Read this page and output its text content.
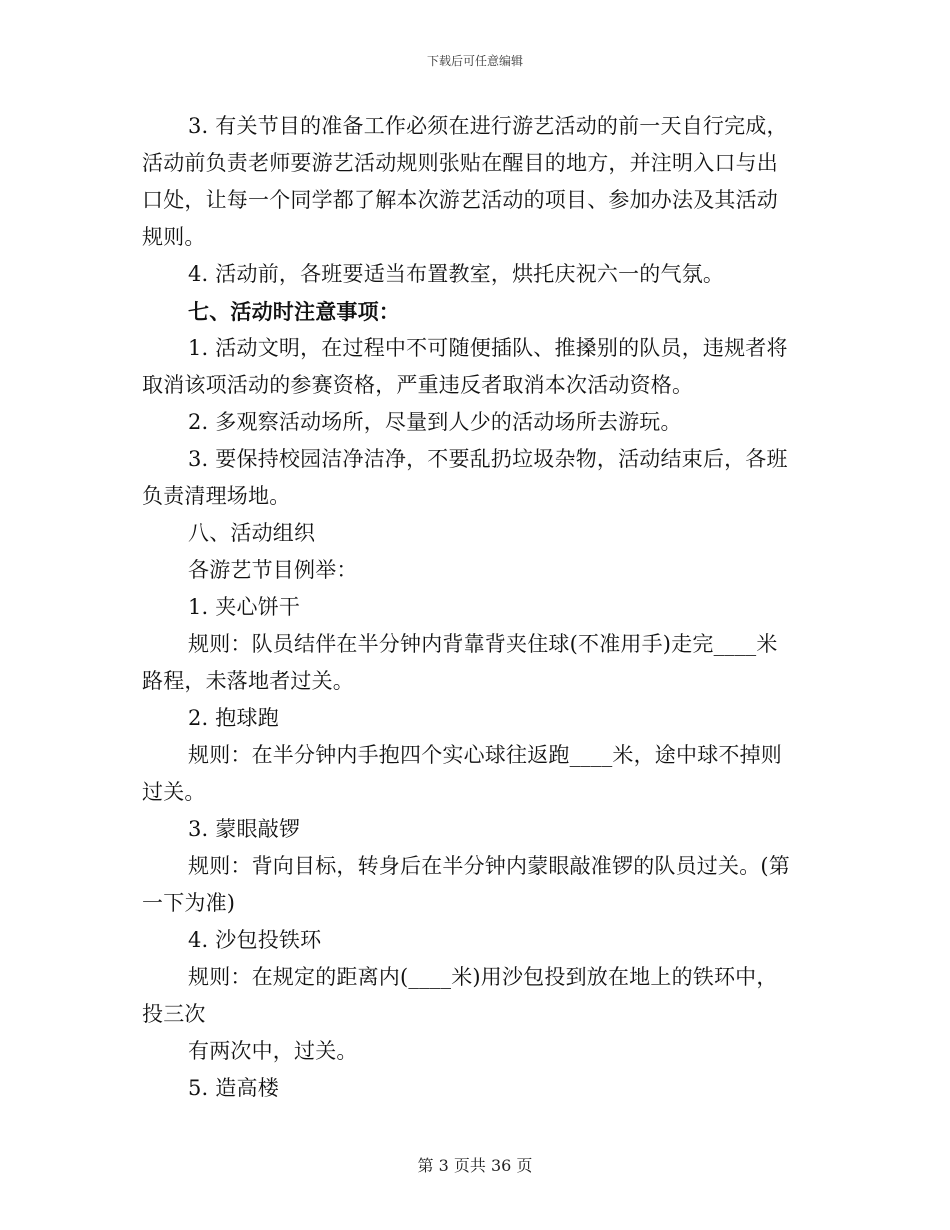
下载后可任意编辑

3. 有关节目的准备工作必须在进行游艺活动的前一天自行完成，

活动前负责老师要游艺活动规则张贴在醒目的地方，并注明入口与出

口处，让每一个同学都了解本次游艺活动的项目、参加办法及其活动

规则。

4. 活动前，各班要适当布置教室，烘托庆祝六一的气氛。

七、活动时注意事项：

1. 活动文明，在过程中不可随便插队、推搡别的队员，违规者将

取消该项活动的参赛资格，严重违反者取消本次活动资格。

2. 多观察活动场所，尽量到人少的活动场所去游玩。

3. 要保持校园洁净洁净，不要乱扔垃圾杂物，活动结束后，各班

负责清理场地。

八、活动组织

各游艺节目例举：

1. 夹心饼干

规则：队员结伴在半分钟内背靠背夹住球(不准用手)走完____米

路程，未落地者过关。

2. 抱球跑

规则：在半分钟内手抱四个实心球往返跑____米，途中球不掉则

过关。

3. 蒙眼敲锣

规则：背向目标，转身后在半分钟内蒙眼敲准锣的队员过关。(第

一下为准)

4. 沙包投铁环

规则：在规定的距离内(____米)用沙包投到放在地上的铁环中，

投三次

有两次中，过关。

5. 造高楼

第 3 页共 36 页
